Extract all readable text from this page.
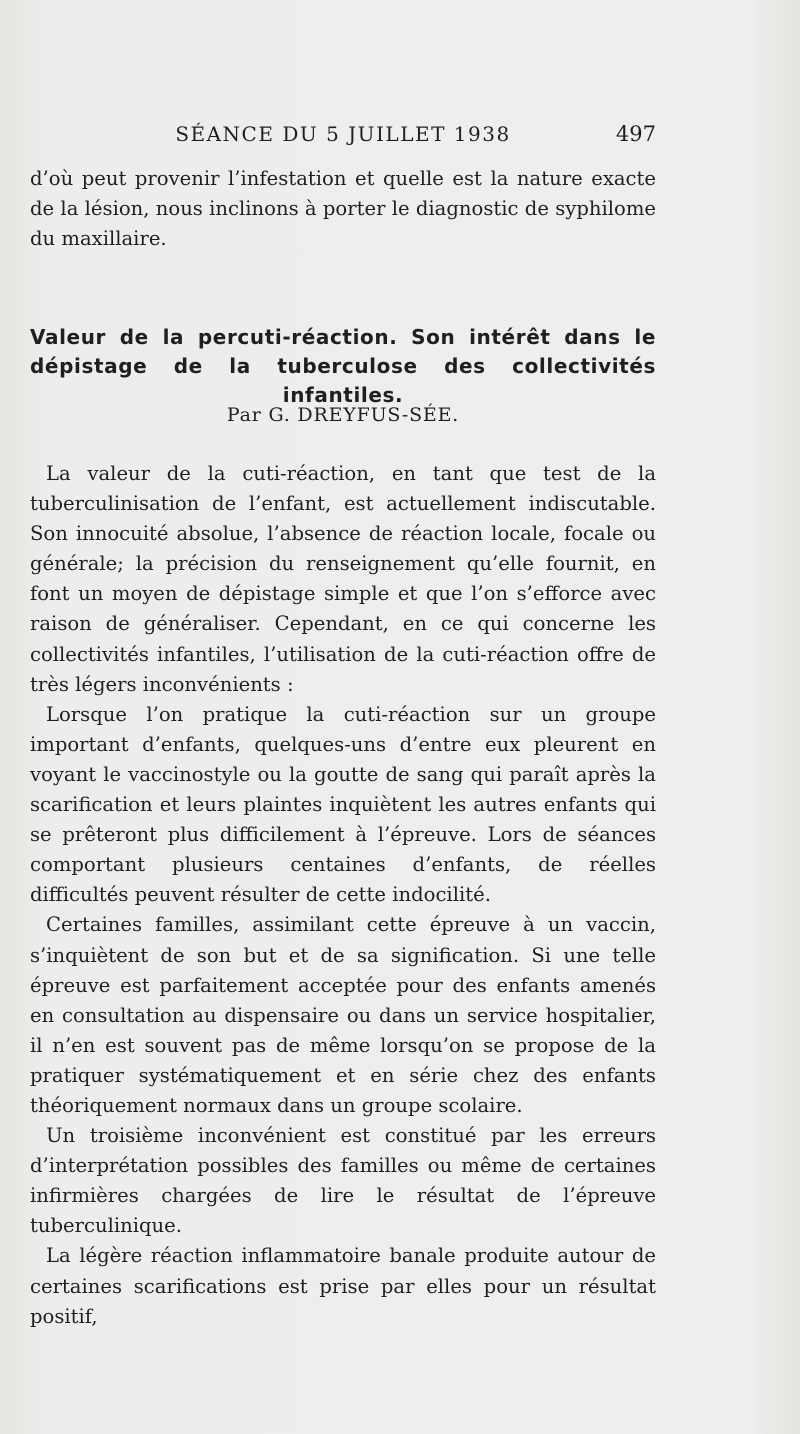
SÉANCE DU 5 JUILLET 1938	497

d’où peut provenir l’infestation et quelle est la nature exacte de la lésion, nous inclinons à porter le diagnostic de syphilome du maxillaire.

Valeur de la percuti-réaction. Son intérêt dans le dépistage de la tuberculose des collectivités infantiles.
Par G. DREYFUS-SÉE.

La valeur de la cuti-réaction, en tant que test de la tuberculinisation de l’enfant, est actuellement indiscutable. Son innocuité absolue, l’absence de réaction locale, focale ou générale; la précision du renseignement qu’elle fournit, en font un moyen de dépistage simple et que l’on s’efforce avec raison de généraliser. Cependant, en ce qui concerne les collectivités infantiles, l’utilisation de la cuti-réaction offre de très légers inconvénients :

Lorsque l’on pratique la cuti-réaction sur un groupe important d’enfants, quelques-uns d’entre eux pleurent en voyant le vaccinostyle ou la goutte de sang qui paraît après la scarification et leurs plaintes inquiètent les autres enfants qui se prêteront plus difficilement à l’épreuve. Lors de séances comportant plusieurs centaines d’enfants, de réelles difficultés peuvent résulter de cette indocilité.

Certaines familles, assimilant cette épreuve à un vaccin, s’inquiètent de son but et de sa signification. Si une telle épreuve est parfaitement acceptée pour des enfants amenés en consultation au dispensaire ou dans un service hospitalier, il n’en est souvent pas de même lorsqu’on se propose de la pratiquer systématiquement et en série chez des enfants théoriquement normaux dans un groupe scolaire.

Un troisième inconvénient est constitué par les erreurs d’interprétation possibles des familles ou même de certaines infirmières chargées de lire le résultat de l’épreuve tuberculinique.

La légère réaction inflammatoire banale produite autour de certaines scarifications est prise par elles pour un résultat positif,
